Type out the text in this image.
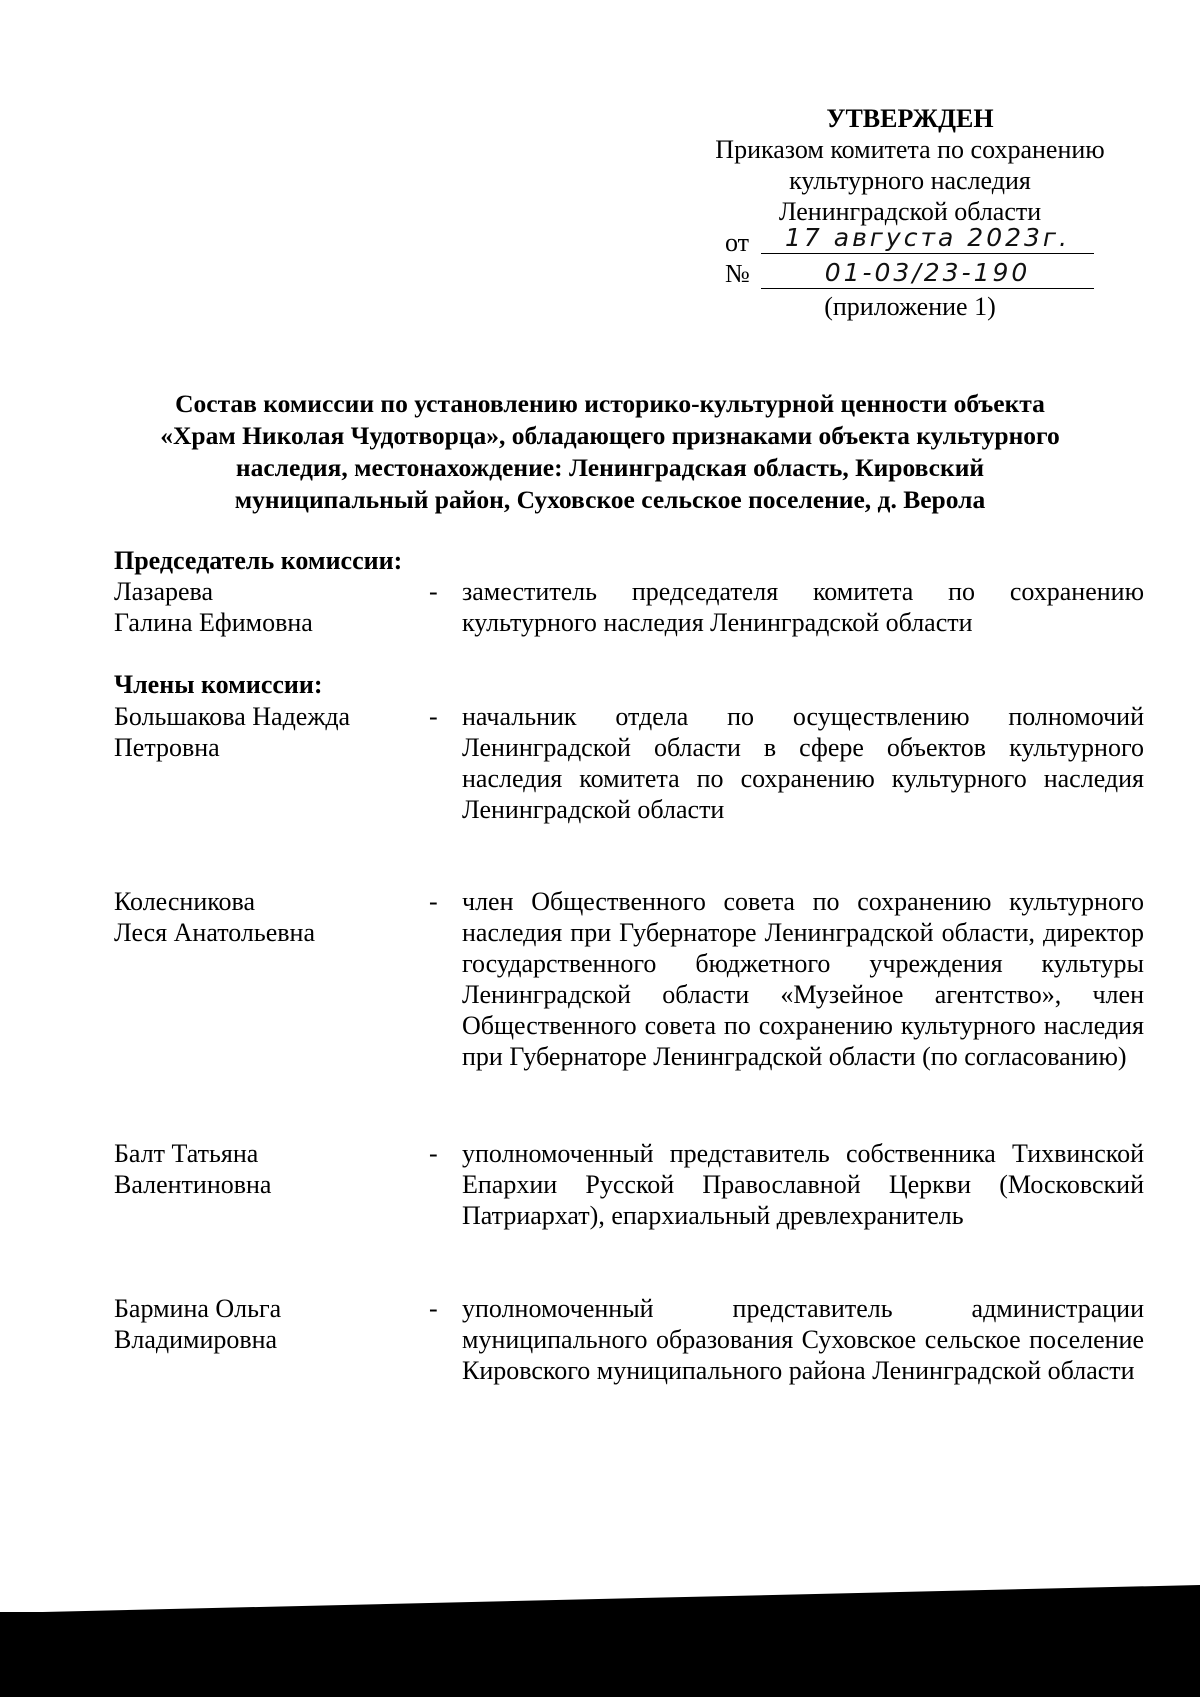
УТВЕРЖДЕН
Приказом комитета по сохранению
культурного наследия
Ленинградской области
от	17 августа 2023г.
№	01-03/23-190
(приложение 1)
Состав комиссии по установлению историко-культурной ценности объекта
«Храм Николая Чудотворца», обладающего признаками объекта культурного
наследия, местонахождение: Ленинградская область, Кировский
муниципальный район, Суховское сельское поселение, д. Верола
Председатель комиссии:
Лазарева
Галина Ефимовна
- заместитель председателя комитета по сохранению культурного наследия Ленинградской области
Члены комиссии:
Большакова Надежда
Петровна
- начальник отдела по осуществлению полномочий Ленинградской области в сфере объектов культурного наследия комитета по сохранению культурного наследия Ленинградской области
Колесникова
Леся Анатольевна
- член Общественного совета по сохранению культурного наследия при Губернаторе Ленинградской области, директор государственного бюджетного учреждения культуры Ленинградской области «Музейное агентство», член Общественного совета по сохранению культурного наследия при Губернаторе Ленинградской области (по согласованию)
Балт Татьяна
Валентиновна
- уполномоченный представитель собственника Тихвинской Епархии Русской Православной Церкви (Московский Патриархат), епархиальный древлехранитель
Бармина Ольга
Владимировна
- уполномоченный представитель администрации муниципального образования Суховское сельское поселение Кировского муниципального района Ленинградской области
